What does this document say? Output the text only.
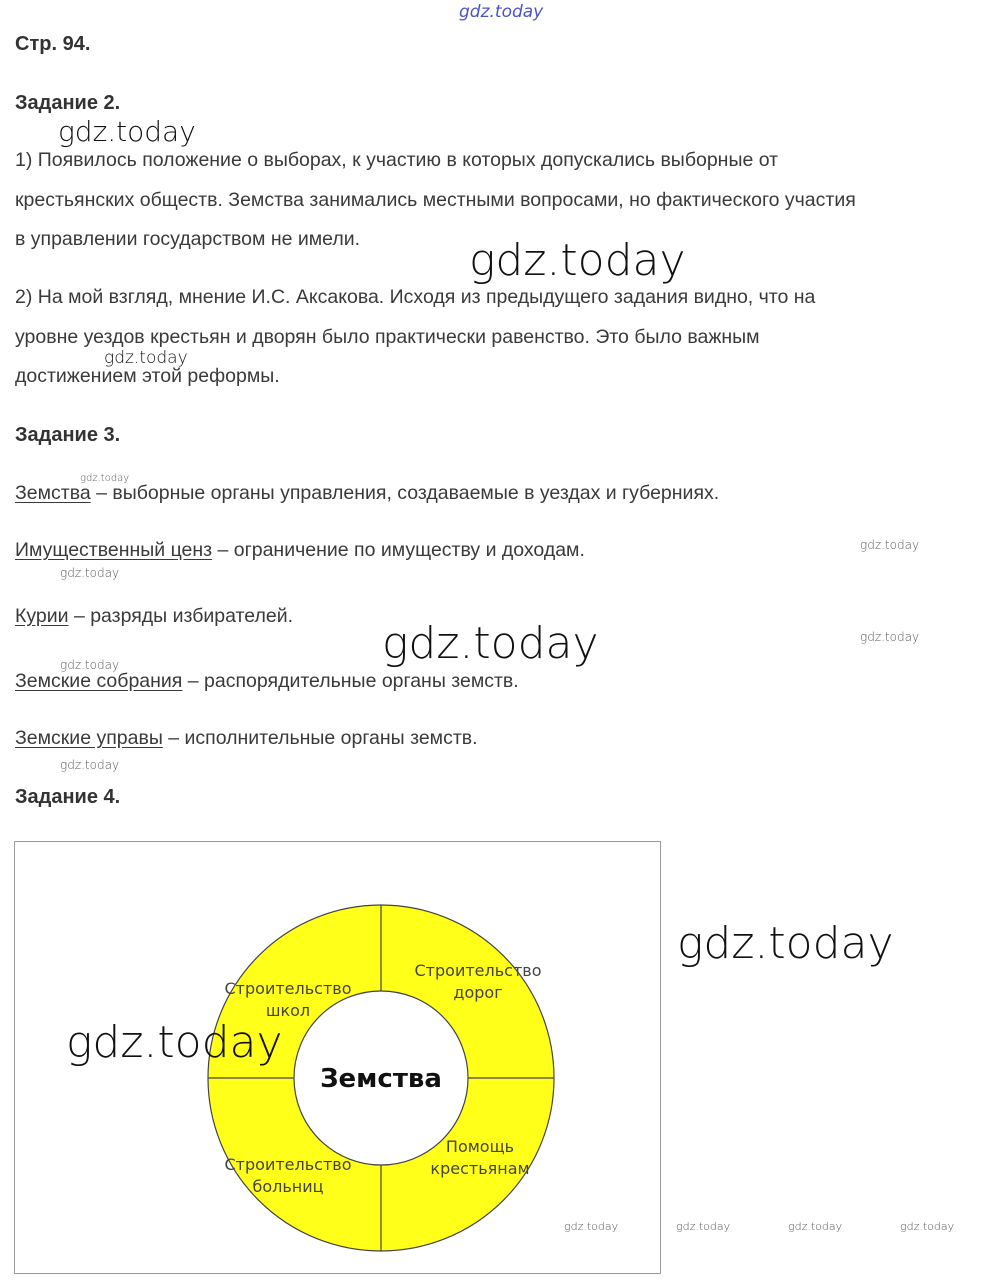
gdz.today
Стр. 94.
Задание 2.
gdz.today
1) Появилось положение о выборах, к участию в которых допускались выборные от
крестьянских обществ. Земства занимались местными вопросами, но фактического участия
в управлении государством не имели.	gdz.today
2) На мой взгляд, мнение И.С. Аксакова. Исходя из предыдущего задания видно, что на
уровне уездов крестьян и дворян было практически равенство. Это было важным
достижением этой реформы.
gdz.today
Задание 3.
gdz.today
Земства – выборные органы управления, создаваемые в уездах и губерниях.
Имущественный ценз – ограничение по имуществу и доходам.	gdz.today
gdz.today
Курии – разряды избирателей.
gdz.today
gdz.today
gdz.today
Земские собрания – распорядительные органы земств.
Земские управы – исполнительные органы земств.
gdz.today
Задание 4.
Земства
Строительство
дорог
Помощь
крестьянам
Строительство
больниц
Строительство
школ
gdz.today
gdz.today
gdz.today	gdz.today	gdz.today	gdz.today
